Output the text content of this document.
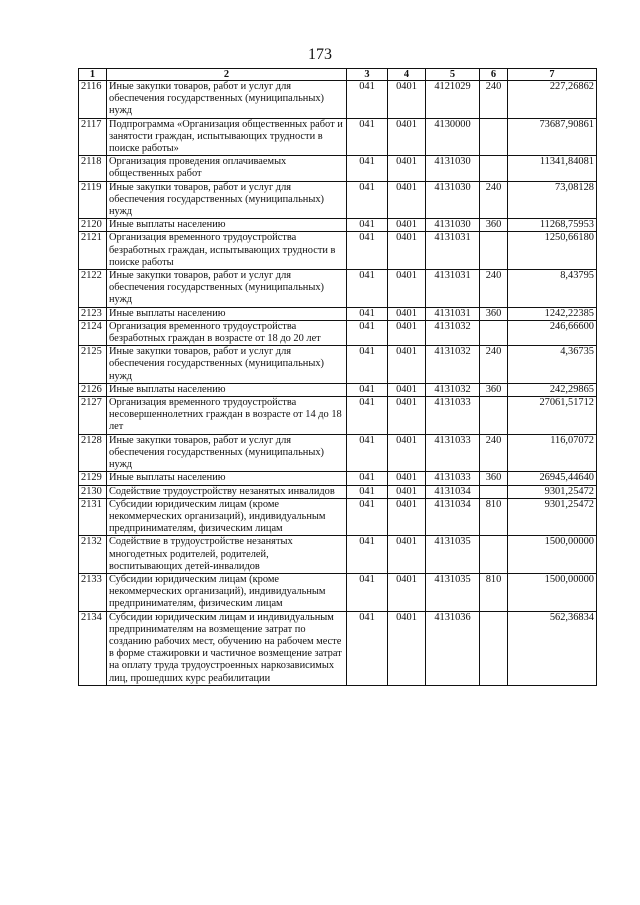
173
1	2	3	4	5	6	7
2116	Иные закупки товаров, работ и услуг для обеспечения государственных (муниципальных) нужд	041	0401	4121029	240	227,26862
2117	Подпрограмма «Организация общественных работ и занятости граждан, испытывающих трудности в поиске работы»	041	0401	4130000		73687,90861
2118	Организация проведения оплачиваемых общественных работ	041	0401	4131030		11341,84081
2119	Иные закупки товаров, работ и услуг для обеспечения государственных (муниципальных) нужд	041	0401	4131030	240	73,08128
2120	Иные выплаты населению	041	0401	4131030	360	11268,75953
2121	Организация временного трудоустройства безработных граждан, испытывающих трудности в поиске работы	041	0401	4131031		1250,66180
2122	Иные закупки товаров, работ и услуг для обеспечения государственных (муниципальных) нужд	041	0401	4131031	240	8,43795
2123	Иные выплаты населению	041	0401	4131031	360	1242,22385
2124	Организация временного трудоустройства безработных граждан в возрасте от 18 до 20 лет	041	0401	4131032		246,66600
2125	Иные закупки товаров, работ и услуг для обеспечения государственных (муниципальных) нужд	041	0401	4131032	240	4,36735
2126	Иные выплаты населению	041	0401	4131032	360	242,29865
2127	Организация временного трудоустройства несовершеннолетних граждан в возрасте от 14 до 18 лет	041	0401	4131033		27061,51712
2128	Иные закупки товаров, работ и услуг для обеспечения государственных (муниципальных) нужд	041	0401	4131033	240	116,07072
2129	Иные выплаты населению	041	0401	4131033	360	26945,44640
2130	Содействие трудоустройству незанятых инвалидов	041	0401	4131034		9301,25472
2131	Субсидии юридическим лицам (кроме некоммерческих организаций), индивидуальным предпринимателям, физическим лицам	041	0401	4131034	810	9301,25472
2132	Содействие в трудоустройстве незанятых многодетных родителей, родителей, воспитывающих детей-инвалидов	041	0401	4131035		1500,00000
2133	Субсидии юридическим лицам (кроме некоммерческих организаций), индивидуальным предпринимателям, физическим лицам	041	0401	4131035	810	1500,00000
2134	Субсидии юридическим лицам и индивидуальным предпринимателям на возмещение затрат по созданию рабочих мест, обучению на рабочем месте в форме стажировки и частичное возмещение затрат на оплату труда трудоустроенных наркозависимых лиц, прошедших курс реабилитации	041	0401	4131036		562,36834
